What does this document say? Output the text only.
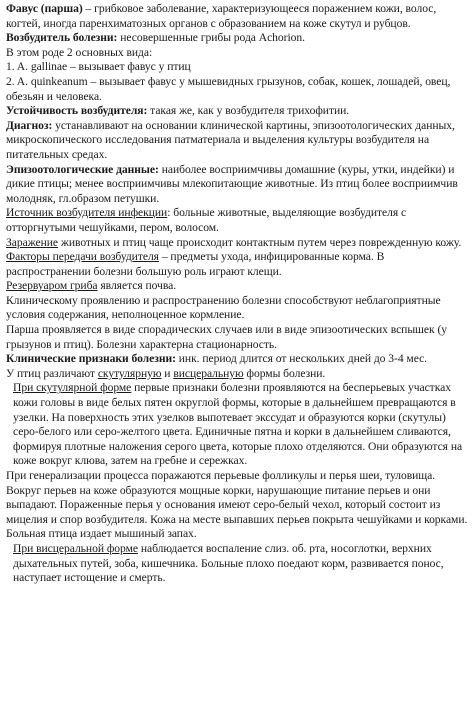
Фавус (парша) – грибковое заболевание, характеризующееся поражением кожи, волос, когтей, иногда паренхиматозных органов с образованием на коже скутул и рубцов.

Возбудитель болезни: несовершенные грибы рода Achorion.

В этом роде 2 основных вида:

1. A. gallinae – вызывает фавус у птиц

2. A. quinkeanum – вызывает фавус у мышевидных грызунов, собак, кошек, лошадей, овец, обезьян и человека.

Устойчивость возбудителя: такая же, как у возбудителя трихофитии.

Диагноз: устанавливают на основании клинической картины, эпизоотологических данных, микроскопического исследования патматериала и выделения культуры возбудителя на питательных средах.

Эпизоотологические данные: наиболее восприимчивы домашние (куры, утки, индейки) и дикие птицы; менее восприимчивы млекопитающие животные. Из птиц более восприимчив молодняк, гл.образом петушки.

Источник возбудителя инфекции: больные животные, выделяющие возбудителя с отторгнутыми чешуйками, пером, волосом.

Заражение животных и птиц чаще происходит контактным путем через поврежденную кожу.

Факторы передачи возбудителя – предметы ухода, инфицированные корма. В распространении болезни большую роль играют клещи.

Резервуаром гриба является почва.

Клиническому проявлению и распространению болезни способствуют неблагоприятные условия содержания, неполноценное кормление.

Парша проявляется в виде спорадических случаев или в виде эпизоотических вспышек (у грызунов и птиц). Болезни характерна стационарность.

Клинические признаки болезни: инк. период длится от нескольких дней до 3-4 мес.

У птиц различают скутулярную и висцеральную формы болезни.

При скутулярной форме первые признаки болезни проявляются на бесперьевых участках кожи головы в виде белых пятен округлой формы, которые в дальнейшем превращаются в узелки. На поверхность этих узелков выпотевает экссудат и образуются корки (скутулы) серо-белого или серо-желтого цвета. Единичные пятна и корки в дальнейшем сливаются, формируя плотные наложения серого цвета, которые плохо отделяются. Они образуются на коже вокруг клюва, затем на гребне и сережках.

При генерализации процесса поражаются перьевые фолликулы и перья шеи, туловища. Вокруг перьев на коже образуются мощные корки, нарушающие питание перьев и они выпадают. Пораженные перья у основания имеют серо-белый чехол, который состоит из мицелия и спор возбудителя. Кожа на месте выпавших перьев покрыта чешуйками и корками. Больная птица издает мышиный запах.

При висцеральной форме наблюдается воспаление слиз. об. рта, носоглотки, верхних дыхательных путей, зоба, кишечника. Больные плохо поедают корм, развивается понос, наступает истощение и смерть.
